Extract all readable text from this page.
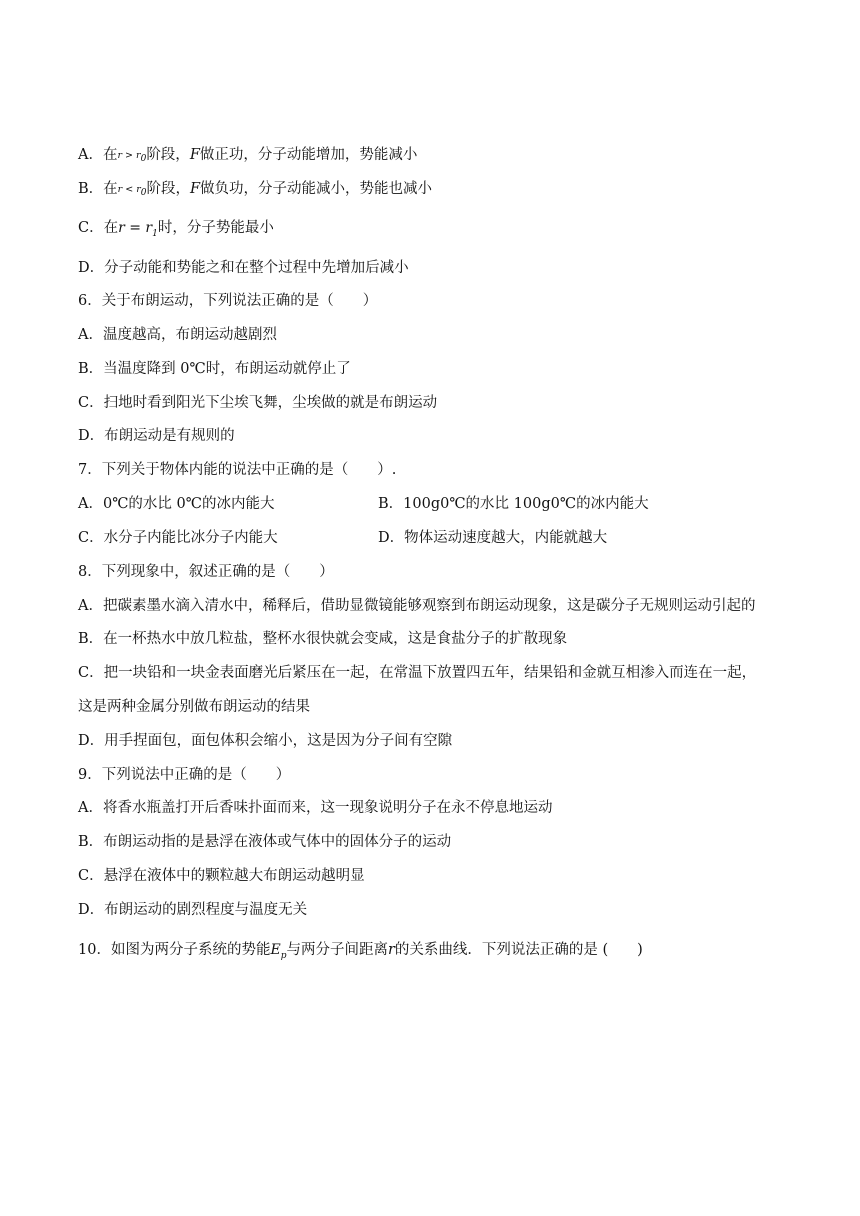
A．在$r > r_0$阶段，F做正功，分子动能增加，势能减小
B．在$r < r_0$阶段，F做负功，分子动能减小，势能也减小
C．在$r = r_1$时，分子势能最小
D．分子动能和势能之和在整个过程中先增加后减小
6．关于布朗运动，下列说法正确的是（　　）
A．温度越高，布朗运动越剧烈
B．当温度降到 0℃时，布朗运动就停止了
C．扫地时看到阳光下尘埃飞舞，尘埃做的就是布朗运动
D．布朗运动是有规则的
7．下列关于物体内能的说法中正确的是（　　）.
A．0℃的水比 0℃的冰内能大	B．100g0℃的水比 100g0℃的冰内能大
C．水分子内能比冰分子内能大	D．物体运动速度越大，内能就越大
8．下列现象中，叙述正确的是（　　）
A．把碳素墨水滴入清水中，稀释后，借助显微镜能够观察到布朗运动现象，这是碳分子无规则运动引起的
B．在一杯热水中放几粒盐，整杯水很快就会变咸，这是食盐分子的扩散现象
C．把一块铅和一块金表面磨光后紧压在一起，在常温下放置四五年，结果铅和金就互相渗入而连在一起，
这是两种金属分别做布朗运动的结果
D．用手捏面包，面包体积会缩小，这是因为分子间有空隙
9．下列说法中正确的是（　　）
A．将香水瓶盖打开后香味扑面而来，这一现象说明分子在永不停息地运动
B．布朗运动指的是悬浮在液体或气体中的固体分子的运动
C．悬浮在液体中的颗粒越大布朗运动越明显
D．布朗运动的剧烈程度与温度无关
10．如图为两分子系统的势能$E_p$与两分子间距离r的关系曲线．下列说法正确的是 (　　)
